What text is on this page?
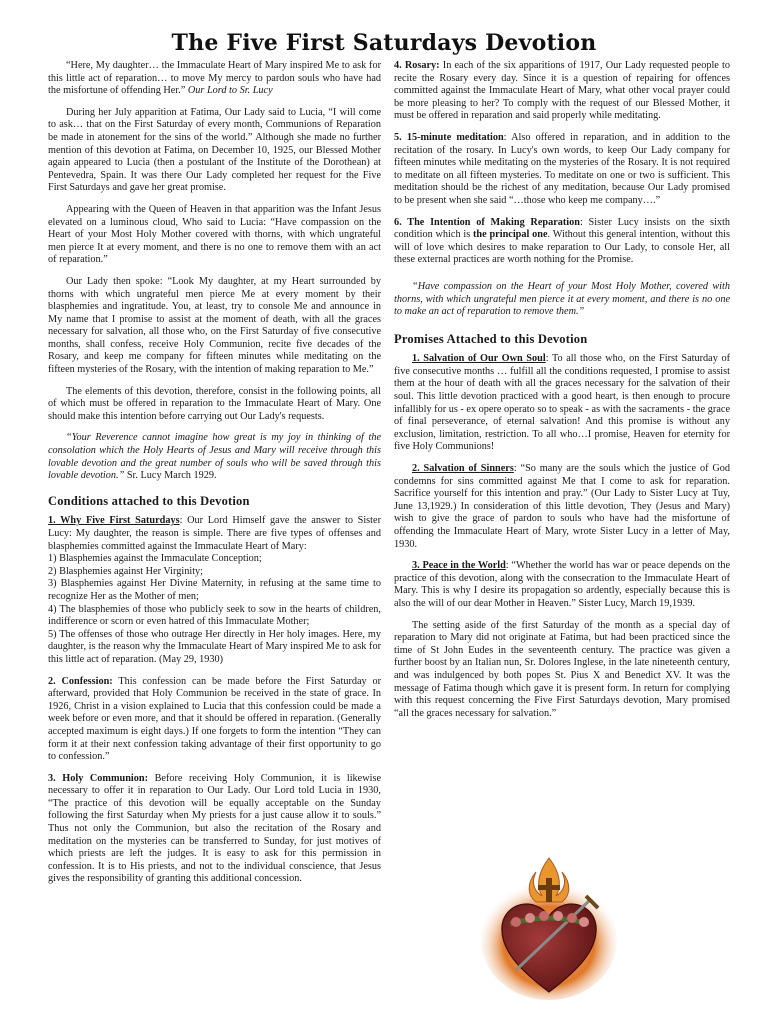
The Five First Saturdays Devotion

“Here, My daughter… the Immaculate Heart of Mary inspired Me to ask for this little act of reparation… to move My mercy to pardon souls who have had the misfortune of offending Her.” Our Lord to Sr. Lucy

During her July apparition at Fatima, Our Lady said to Lucia, “I will come to ask… that on the First Saturday of every month, Communions of Reparation be made in atonement for the sins of the world.” Although she made no further mention of this devotion at Fatima, on December 10, 1925, our Blessed Mother again appeared to Lucia (then a postulant of the Institute of the Dorothean) at Pentevedra, Spain. It was there Our Lady completed her request for the Five First Saturdays and gave her great promise.

Appearing with the Queen of Heaven in that apparition was the Infant Jesus elevated on a luminous cloud, Who said to Lucia: “Have compassion on the Heart of your Most Holy Mother covered with thorns, with which ungrateful men pierce It at every moment, and there is no one to remove them with an act of reparation.”

Our Lady then spoke: “Look My daughter, at my Heart surrounded by thorns with which ungrateful men pierce Me at every moment by their blasphemies and ingratitude. You, at least, try to console Me and announce in My name that I promise to assist at the moment of death, with all the graces necessary for salvation, all those who, on the First Saturday of five consecutive months, shall confess, receive Holy Communion, recite five decades of the Rosary, and keep me company for fifteen minutes while meditating on the fifteen mysteries of the Rosary, with the intention of making reparation to Me.”

The elements of this devotion, therefore, consist in the following points, all of which must be offered in reparation to the Immaculate Heart of Mary. One should make this intention before carrying out Our Lady's requests.

“Your Reverence cannot imagine how great is my joy in thinking of the consolation which the Holy Hearts of Jesus and Mary will receive through this lovable devotion and the great number of souls who will be saved through this lovable devotion.” Sr. Lucy March 1929.

Conditions attached to this Devotion

1. Why Five First Saturdays: Our Lord Himself gave the answer to Sister Lucy: My daughter, the reason is simple. There are five types of offenses and blasphemies committed against the Immaculate Heart of Mary:

1) Blasphemies against the Immaculate Conception;
2) Blasphemies against Her Virginity;
3) Blasphemies against Her Divine Maternity, in refusing at the same time to recognize Her as the Mother of men;
4) The blasphemies of those who publicly seek to sow in the hearts of children, indifference or scorn or even hatred of this Immaculate Mother;
5) The offenses of those who outrage Her directly in Her holy images. Here, my daughter, is the reason why the Immaculate Heart of Mary inspired Me to ask for this little act of reparation. (May 29, 1930)

2. Confession: This confession can be made before the First Saturday or afterward, provided that Holy Communion be received in the state of grace. In 1926, Christ in a vision explained to Lucia that this confession could be made a week before or even more, and that it should be offered in reparation. (Generally accepted maximum is eight days.) If one forgets to form the intention “They can form it at their next confession taking advantage of their first opportunity to go to confession.”

3. Holy Communion: Before receiving Holy Communion, it is likewise necessary to offer it in reparation to Our Lady. Our Lord told Lucia in 1930, “The practice of this devotion will be equally acceptable on the Sunday following the first Saturday when My priests for a just cause allow it to souls.” Thus not only the Communion, but also the recitation of the Rosary and meditation on the mysteries can be transferred to Sunday, for just motives of which priests are left the judges. It is easy to ask for this permission in confession. It is to His priests, and not to the individual conscience, that Jesus gives the responsibility of granting this additional concession.

4. Rosary: In each of the six apparitions of 1917, Our Lady requested people to recite the Rosary every day. Since it is a question of repairing for offences committed against the Immaculate Heart of Mary, what other vocal prayer could be more pleasing to her? To comply with the request of our Blessed Mother, it must be offered in reparation and said properly while meditating.

5. 15-minute meditation: Also offered in reparation, and in addition to the recitation of the rosary. In Lucy's own words, to keep Our Lady company for fifteen minutes while meditating on the mysteries of the Rosary. It is not required to meditate on all fifteen mysteries. To meditate on one or two is sufficient. This meditation should be the richest of any meditation, because Our Lady promised to be present when she said “…those who keep me company….”

6. The Intention of Making Reparation: Sister Lucy insists on the sixth condition which is the principal one. Without this general intention, without this will of love which desires to make reparation to Our Lady, to console Her, all these external practices are worth nothing for the Promise.

“Have compassion on the Heart of your Most Holy Mother, covered with thorns, with which ungrateful men pierce it at every moment, and there is no one to make an act of reparation to remove them.”

Promises Attached to this Devotion

1. Salvation of Our Own Soul: To all those who, on the First Saturday of five consecutive months … fulfill all the conditions requested, I promise to assist them at the hour of death with all the graces necessary for the salvation of their soul. This little devotion practiced with a good heart, is then enough to procure infallibly for us - ex opere operato so to speak - as with the sacraments - the grace of final perseverance, of eternal salvation! And this promise is without any exclusion, limitation, restriction. To all who…I promise, Heaven for eternity for five Holy Communions!

2. Salvation of Sinners: “So many are the souls which the justice of God condemns for sins committed against Me that I come to ask for reparation. Sacrifice yourself for this intention and pray.” (Our Lady to Sister Lucy at Tuy, June 13,1929.) In consideration of this little devotion, They (Jesus and Mary) wish to give the grace of pardon to souls who have had the misfortune of offending the Immaculate Heart of Mary, wrote Sister Lucy in a letter of May, 1930.

3. Peace in the World: “Whether the world has war or peace depends on the practice of this devotion, along with the consecration to the Immaculate Heart of Mary. This is why I desire its propagation so ardently, especially because this is also the will of our dear Mother in Heaven.” Sister Lucy, March 19,1939.

The setting aside of the first Saturday of the month as a special day of reparation to Mary did not originate at Fatima, but had been practiced since the time of St John Eudes in the seventeenth century. The practice was given a further boost by an Italian nun, Sr. Dolores Inglese, in the late nineteenth century, and was indulgenced by both popes St. Pius X and Benedict XV. It was the message of Fatima though which gave it is present form. In return for complying with this request concerning the Five First Saturdays devotion, Mary promised “all the graces necessary for salvation.”
